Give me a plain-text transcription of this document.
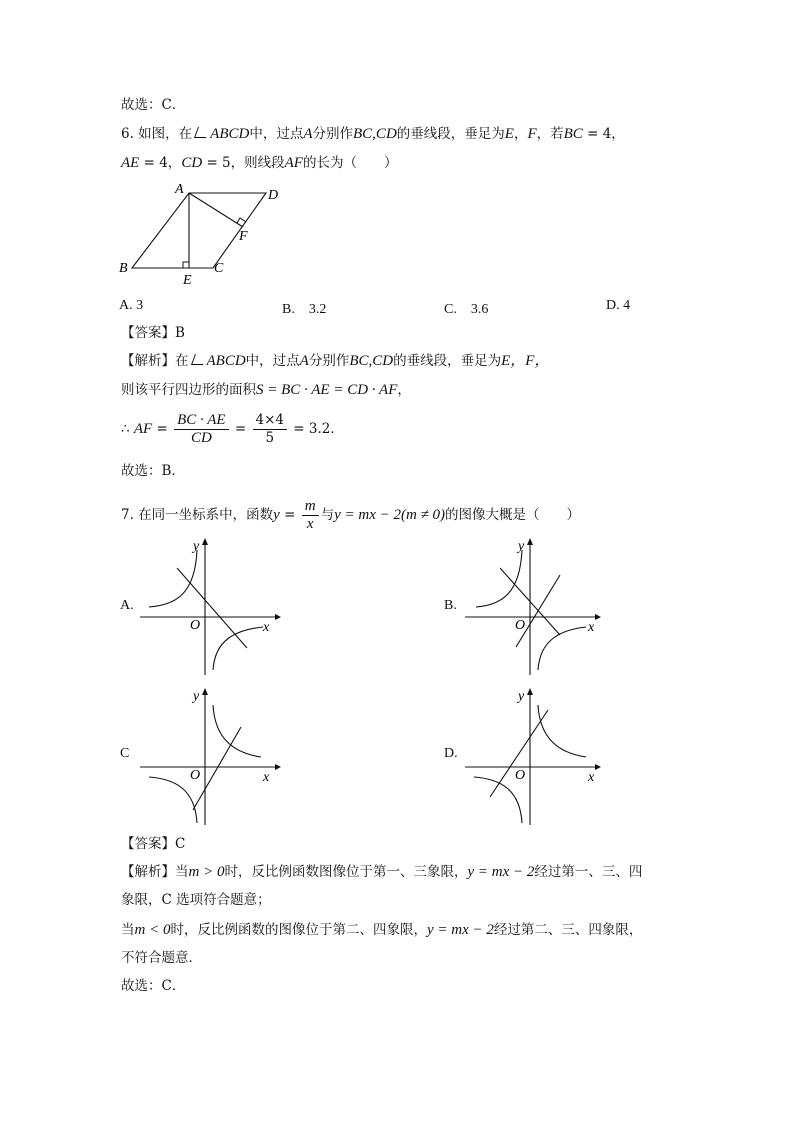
故选：C．
6. 如图，在 ABCD中，过点A分别作BC,CD的垂线段，垂足为E，F，若BC = 4，
AE = 4，CD = 5，则线段AF的长为（　　）
A	D
F
B	C
E
A. 3	B.　3.2	C.　3.6	D. 4
【答案】B
【解析】在 ABCD中，过点A分别作BC,CD的垂线段，垂足为E，F，
则该平行四边形的面积S = BC · AE = CD · AF，
∴ AF = $\frac{BC \cdot AE}{CD} = \frac{4\times 4}{5} = 3.2$．
故选：B．
7. 在同一坐标系中，函数$y = \frac{m}{x}$ 与y = mx − 2(m ≠ 0)的图像大概是（　　）
A.	B.
C	D.
y
x
O
y
x
O
y
x
O
y
x
O
【答案】C
【解析】当m > 0时，反比例函数图像位于第一、三象限，y = mx − 2经过第一、三、四
象限，C 选项符合题意；
当m < 0时，反比例函数的图像位于第二、四象限，y = mx − 2经过第二、三、四象限，
不符合题意．
故选：C．
